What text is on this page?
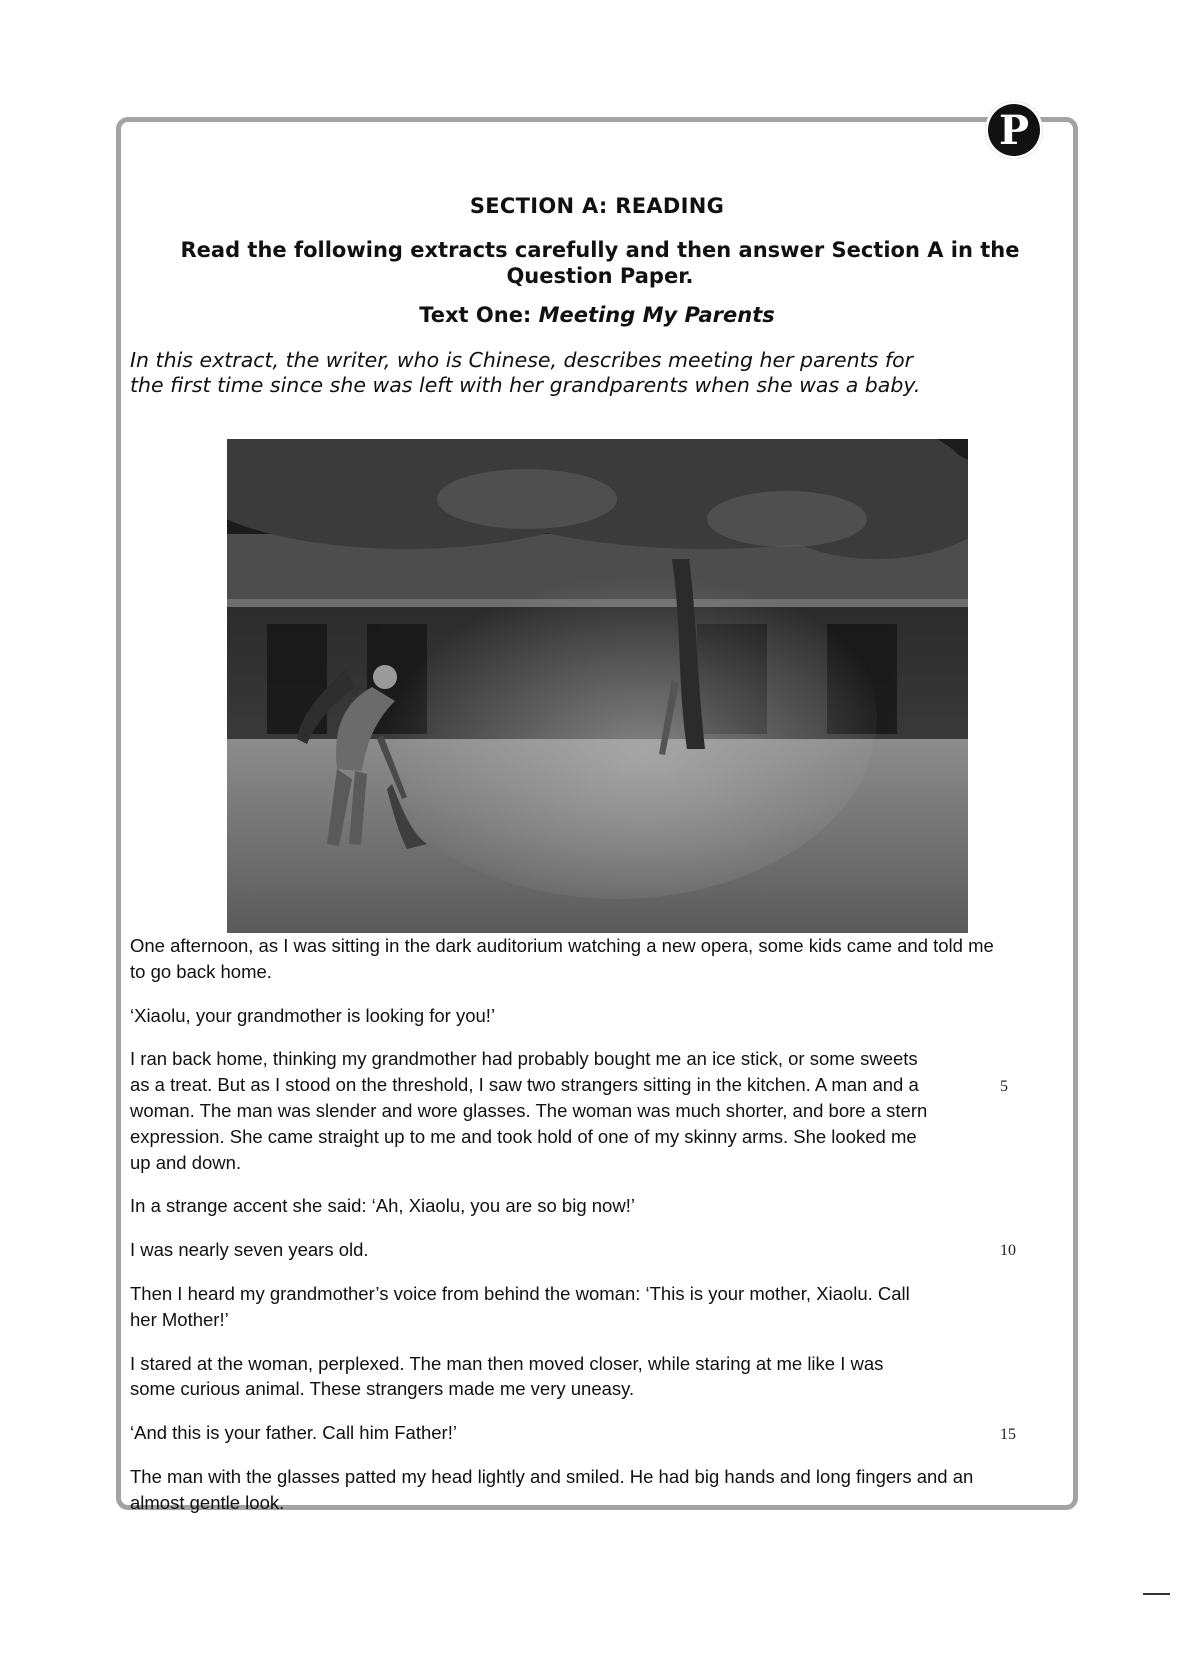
P
SECTION A: READING
Read the following extracts carefully and then answer Section A in the Question Paper.
Text One: Meeting My Parents
In this extract, the writer, who is Chinese, describes meeting her parents for the first time since she was left with her grandparents when she was a baby.

One afternoon, as I was sitting in the dark auditorium watching a new opera, some kids came and told me to go back home.

‘Xiaolu, your grandmother is looking for you!’

I ran back home, thinking my grandmother had probably bought me an ice stick, or some sweets as a treat. But as I stood on the threshold, I saw two strangers sitting in the kitchen. A man and a woman. The man was slender and wore glasses. The woman was much shorter, and bore a stern expression. She came straight up to me and took hold of one of my skinny arms. She looked me up and down.

In a strange accent she said: ‘Ah, Xiaolu, you are so big now!’

I was nearly seven years old.

Then I heard my grandmother’s voice from behind the woman: ‘This is your mother, Xiaolu. Call her Mother!’

I stared at the woman, perplexed. The man then moved closer, while staring at me like I was some curious animal. These strangers made me very uneasy.

‘And this is your father. Call him Father!’

The man with the glasses patted my head lightly and smiled. He had big hands and long fingers and an almost gentle look.

5
10
15
